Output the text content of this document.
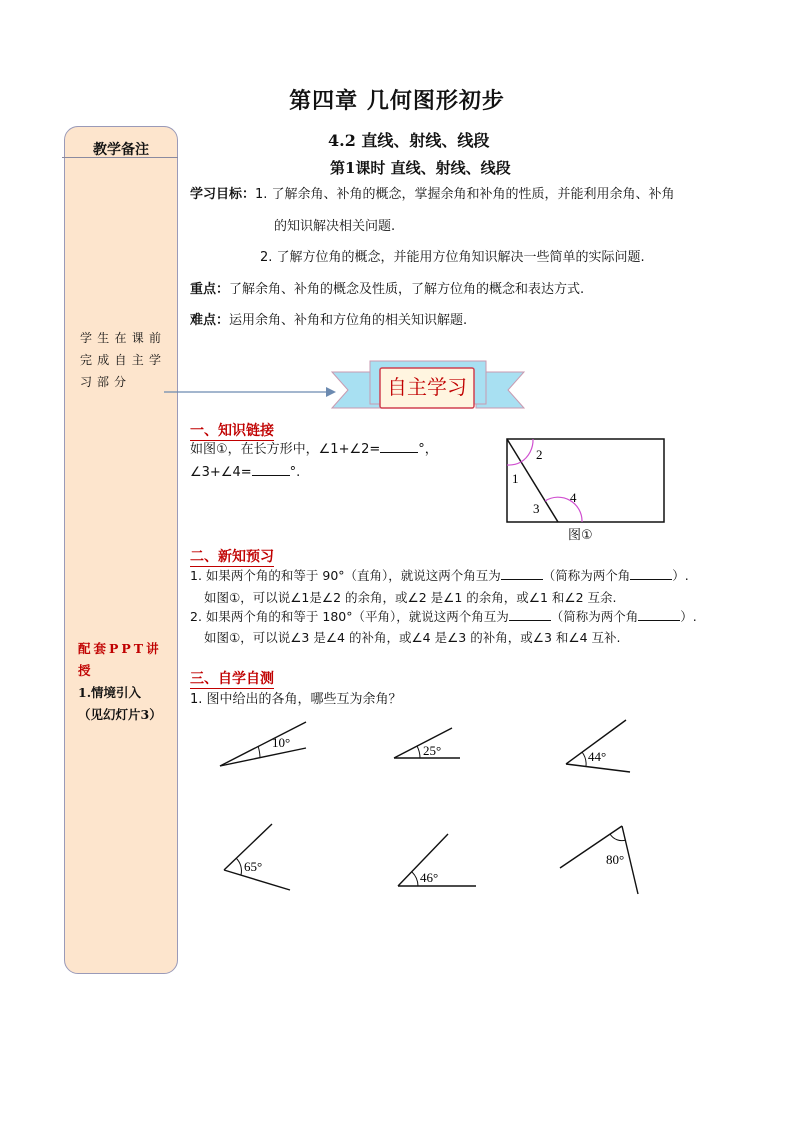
第四章 几何图形初步
教学备注
学生在课前完成自主学习部分
配套PPT讲
授
1.情境引入
（见幻灯片3）
4.2 直线、射线、线段
第1课时 直线、射线、线段
学习目标：1. 了解余角、补角的概念，掌握余角和补角的性质，并能利用余角、补角
的知识解决相关问题.
2. 了解方位角的概念，并能用方位角知识解决一些简单的实际问题.
重点：了解余角、补角的概念及性质，了解方位角的概念和表达方式.
难点：运用余角、补角和方位角的相关知识解题.
自主学习
一、知识链接
如图①，在长方形中，∠1+∠2=	°，
∠3+∠4=	°.
2
1
3
4
图①
二、新知预习
1. 如果两个角的和等于 90°（直角），就说这两个角互为	（简称为两个角	）.
如图①，可以说∠1是∠2 的余角，或∠2 是∠1 的余角，或∠1 和∠2 互余.
2. 如果两个角的和等于 180°（平角），就说这两个角互为	（简称为两个角	）.
如图①，可以说∠3 是∠4 的补角，或∠4 是∠3 的补角，或∠3 和∠4 互补.
三、自学自测
1. 图中给出的各角，哪些互为余角？
10°
25°	44°
65°
46°
80°
